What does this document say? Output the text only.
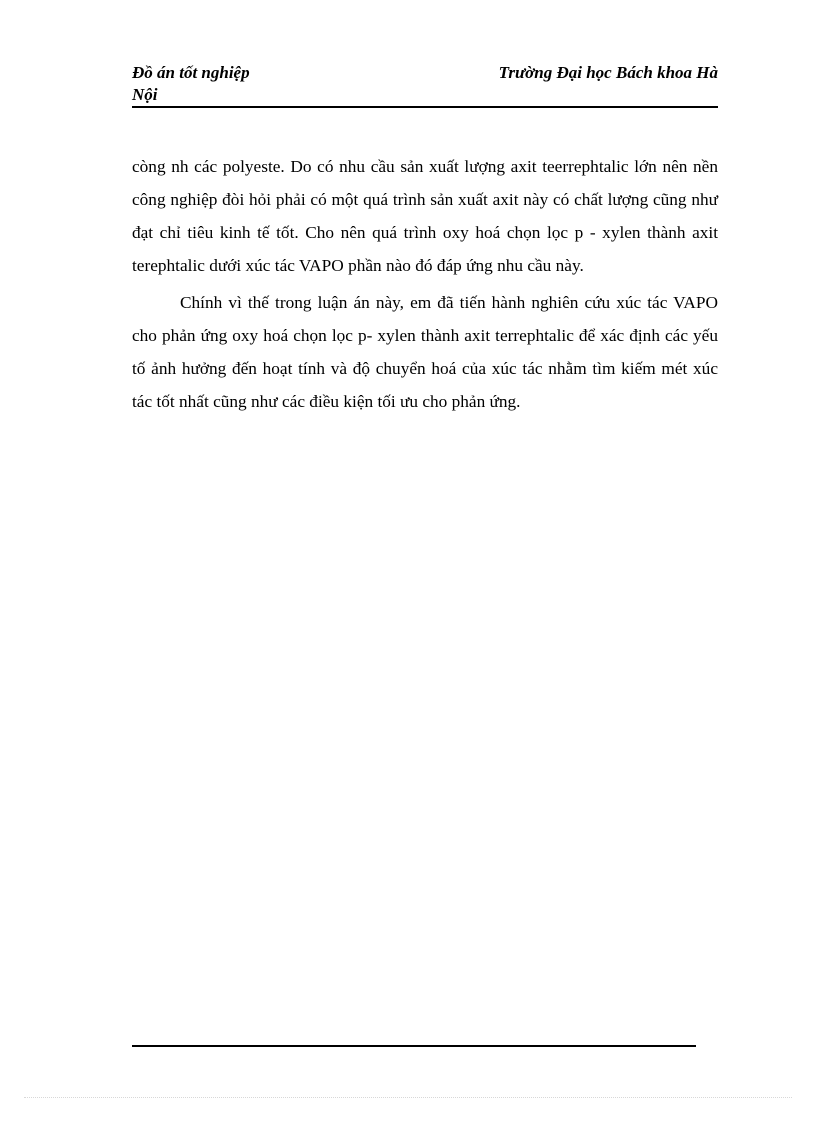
Đồ án tốt nghiệp	Trường Đại học Bách khoa Hà
Nội

còng nh các polyeste. Do có nhu cầu sản xuất lượng axit teerrephtalic lớn nên nền công nghiệp đòi hỏi phải có một quá trình sản xuất axit này có chất lượng cũng như đạt chỉ tiêu kinh tế tốt. Cho nên quá trình oxy hoá chọn lọc p - xylen thành axit terephtalic dưới xúc tác VAPO phần nào đó đáp ứng nhu cầu này.

Chính vì thế trong luận án này, em đã tiến hành nghiên cứu xúc tác VAPO cho phản ứng oxy hoá chọn lọc p- xylen thành axit terrephtalic để xác định các yếu tố ảnh hưởng đến hoạt tính và độ chuyển hoá của xúc tác nhằm tìm kiếm mét xúc tác tốt nhất cũng như các điều kiện tối ưu cho phản ứng.
